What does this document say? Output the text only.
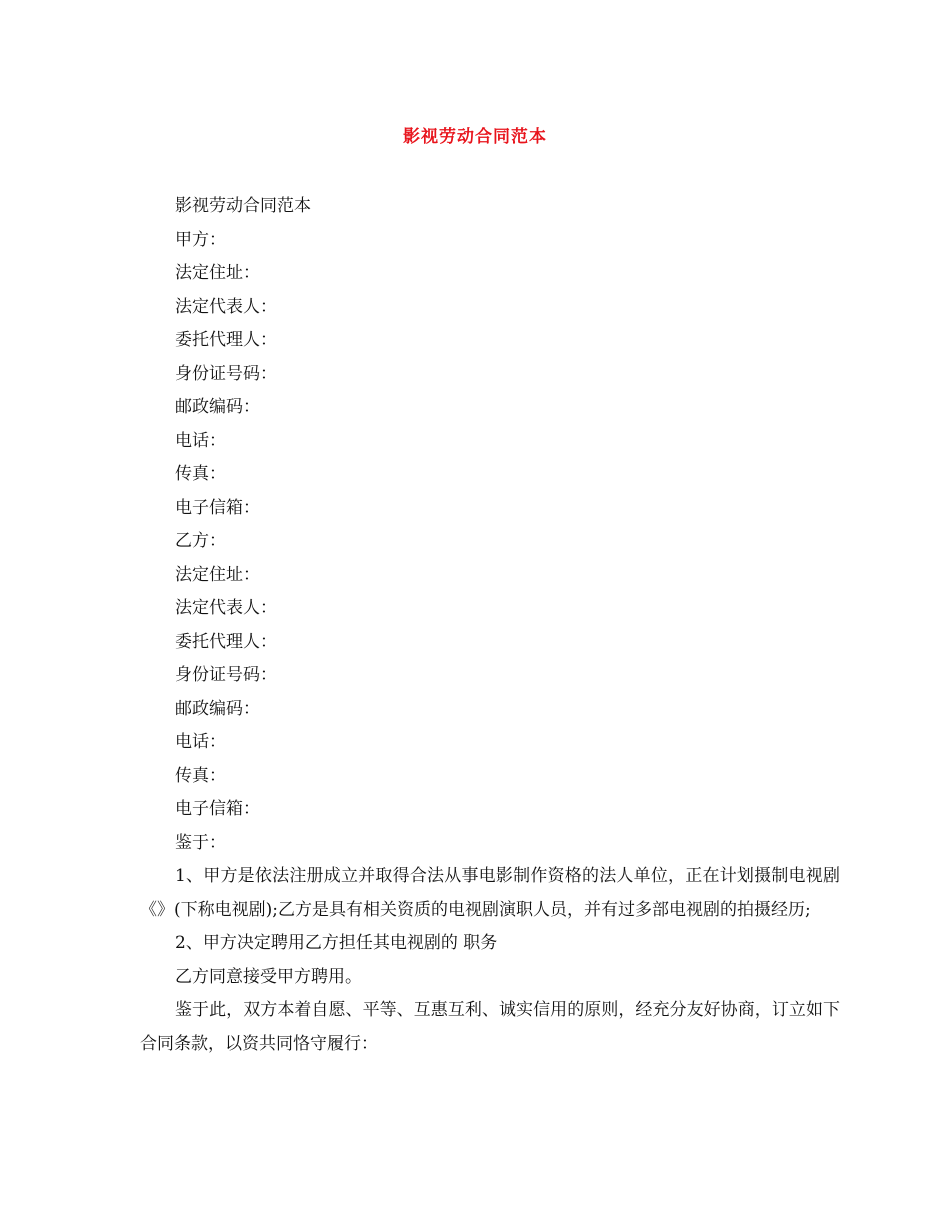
影视劳动合同范本
影视劳动合同范本
甲方：
法定住址：
法定代表人：
委托代理人：
身份证号码：
邮政编码：
电话：
传真：
电子信箱：
乙方：
法定住址：
法定代表人：
委托代理人：
身份证号码：
邮政编码：
电话：
传真：
电子信箱：
鉴于：
1、甲方是依法注册成立并取得合法从事电影制作资格的法人单位，正在计划摄制电视剧《》(下称电视剧);乙方是具有相关资质的电视剧演职人员，并有过多部电视剧的拍摄经历;
2、甲方决定聘用乙方担任其电视剧的 职务
乙方同意接受甲方聘用。
鉴于此，双方本着自愿、平等、互惠互利、诚实信用的原则，经充分友好协商，订立如下合同条款，以资共同恪守履行：
